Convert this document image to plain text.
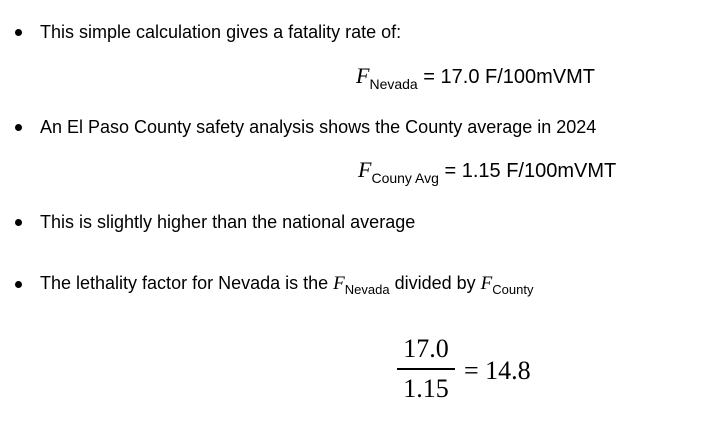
This simple calculation gives a fatality rate of:
$F_{Nevada} = 17.0$ F/100mVMT
An El Paso County safety analysis shows the County average in 2024
$F_{Couny Avg} = 1.15$ F/100mVMT
This is slightly higher than the national average
The lethality factor for Nevada is the $F_{Nevada}$ divided by $F_{County}$
17.0
1.15
= 14.8
